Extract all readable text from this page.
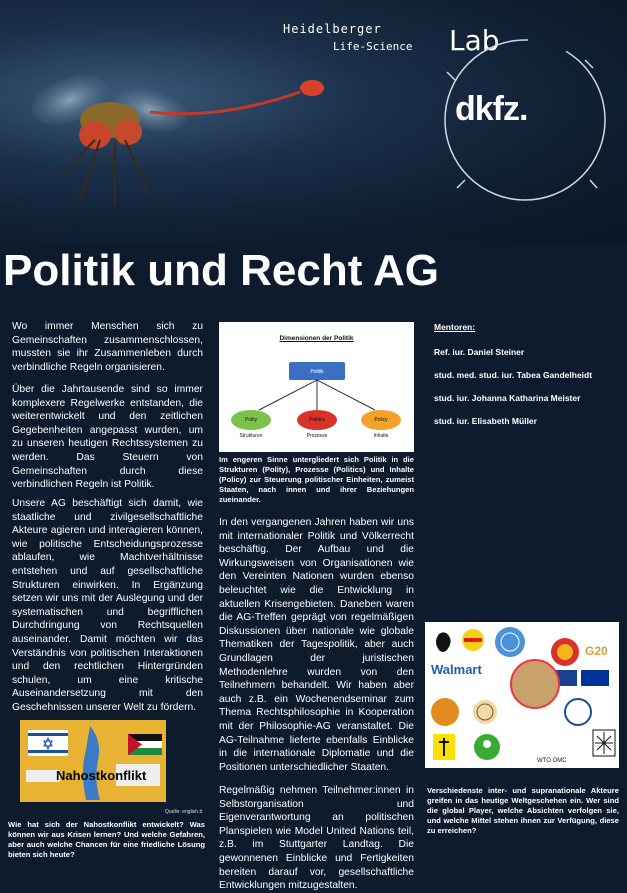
Heidelberger
Life-Science Lab
dkfz.
Politik und Recht AG

Wo immer Menschen sich zu Gemeinschaften zusammenschlossen, mussten sie ihr Zusammenleben durch verbindliche Regeln organisieren.

Über die Jahrtausende sind so immer komplexere Regelwerke entstanden, die weiterentwickelt und den zeitlichen Gegebenheiten angepasst wurden, um zu unseren heutigen Rechtssystemen zu werden. Das Steuern von Gemeinschaften durch diese verbindlichen Regeln ist Politik.

Unsere AG beschäftigt sich damit, wie staatliche und zivilgesellschaftliche Akteure agieren und interagieren können, wie politische Entscheidungsprozesse ablaufen, wie Machtverhältnisse entstehen und auf gesellschaftliche Strukturen einwirken. In Ergänzung setzen wir uns mit der Auslegung und der systematischen und begrifflichen Durchdringung von Rechtsquellen auseinander. Damit möchten wir das Verständnis von politischen Interaktionen und den rechtlichen Hintergründen schulen, um eine kritische Auseinandersetzung mit den Geschehnissen unserer Welt zu fördern.

Nahostkonflikt
Quelle: english.tt

Wie hat sich der Nahostkonflikt entwickelt? Was können wir aus Krisen lernen? Und welche Gefahren, aber auch welche Chancen für eine friedliche Lösung bieten sich heute?

Dimensionen der Politik
Politik
Polity	Politics	Policy
Strukturen	Prozesse	Inhalte

Im engeren Sinne untergliedert sich Politik in die Strukturen (Polity), Prozesse (Politics) und Inhalte (Policy) zur Steuerung politischer Einheiten, zumeist Staaten, nach innen und ihrer Beziehungen zueinander.

In den vergangenen Jahren haben wir uns mit internationaler Politik und Völkerrecht beschäftig. Der Aufbau und die Wirkungsweisen von Organisationen wie den Vereinten Nationen wurden ebenso beleuchtet wie die Entwicklung in aktuellen Krisengebieten. Daneben waren die AG-Treffen geprägt von regelmäßigen Diskussionen über nationale wie globale Thematiken der Tagespolitik, aber auch Grundlagen der juristischen Methodenlehre wurden von den Teilnehmern behandelt. Wir haben aber auch z.B. ein Wochenendseminar zum Thema Rechtsphilosophie in Kooperation mit der Philosophie-AG veranstaltet. Die AG-Teilnahme lieferte ebenfalls Einblicke in die internationale Diplomatie und die Positionen unterschiedlicher Staaten.

Regelmäßig nehmen Teilnehmer:innen in Selbstorganisation und Eigenverantwortung an politischen Planspielen wie Model United Nations teil, z.B. im Stuttgarter Landtag. Die gewonnenen Einblicke und Fertigkeiten bereiten darauf vor, gesellschaftliche Entwicklungen mitzugestalten.

Mentoren:
Ref. iur. Daniel Steiner
stud. med. stud. iur. Tabea Gandelheidt
stud. iur. Johanna Katharina Meister
stud. iur. Elisabeth Müller
Walmart
G20
WTO OMC

Verschiedenste inter- und supranationale Akteure greifen in das heutige Weltgeschehen ein. Wer sind die global Player, welche Absichten verfolgen sie, und welche Mittel stehen ihnen zur Verfügung, diese zu erreichen?
